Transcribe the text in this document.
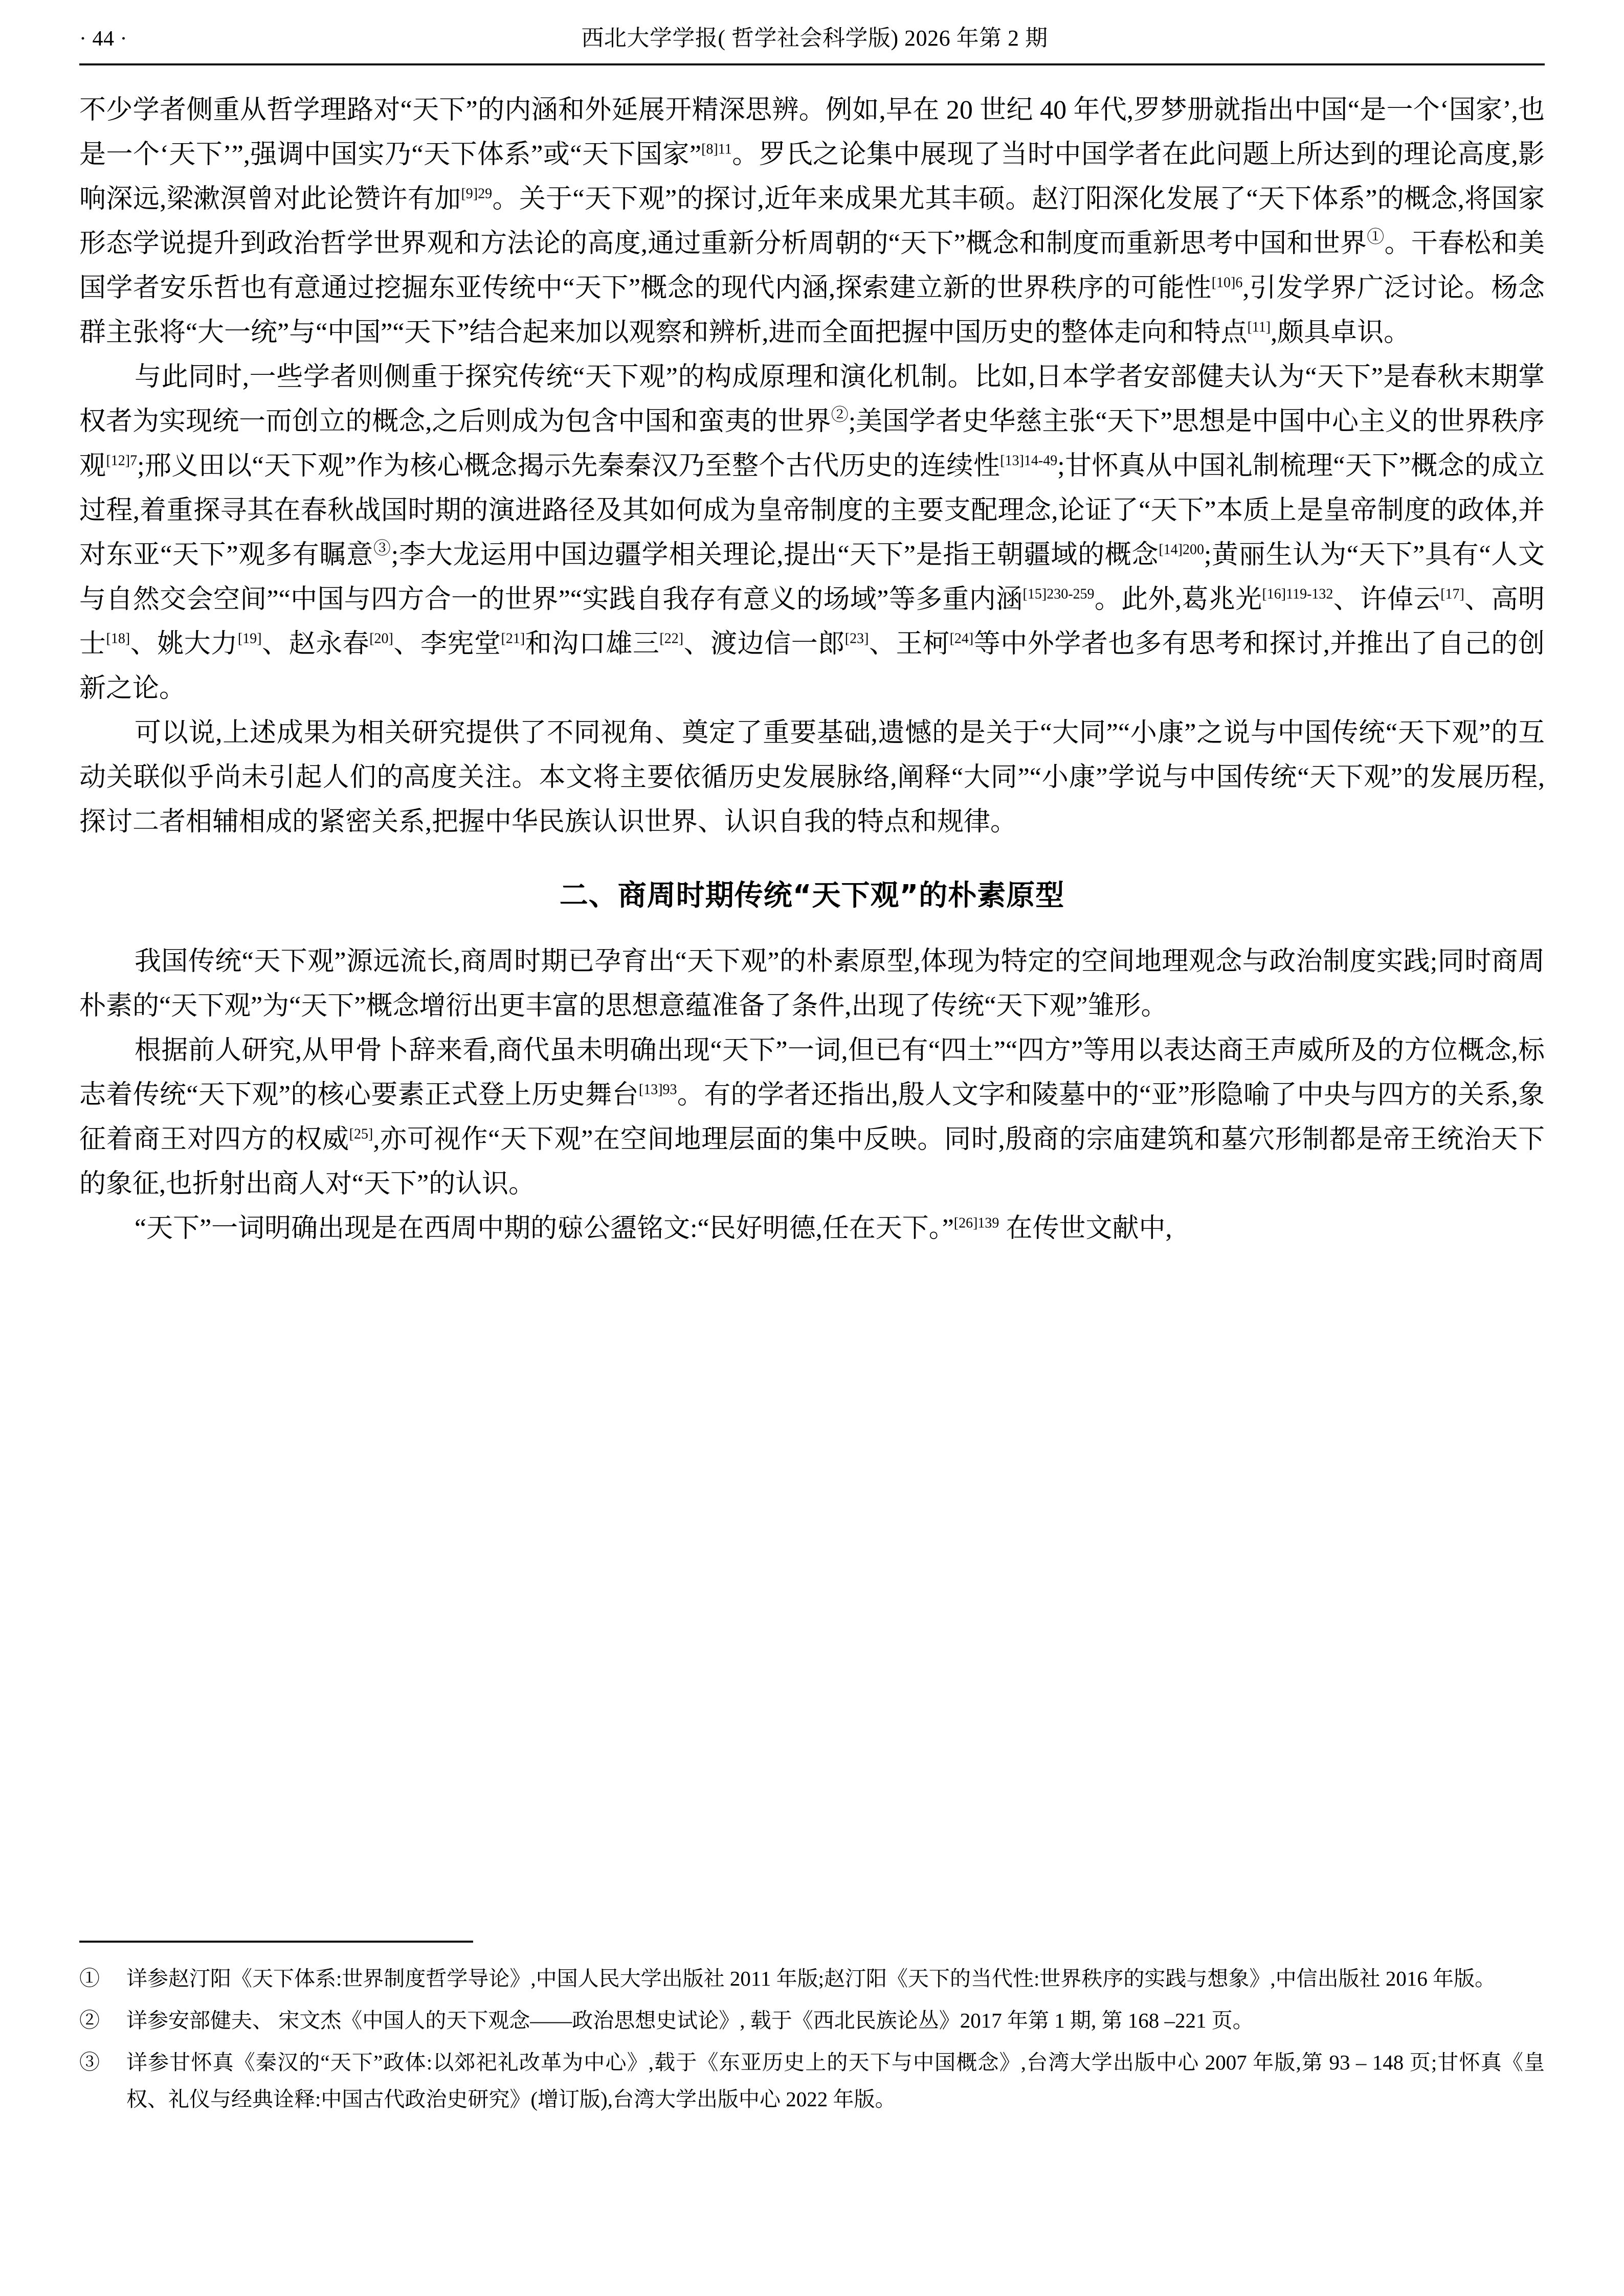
· 44 ·	西北大学学报( 哲学社会科学版) 2026 年第 2 期

不少学者侧重从哲学理路对“天下”的内涵和外延展开精深思辨。例如,早在 20 世纪 40 年代,罗梦册就指出中国“是一个‘国家’,也是一个‘天下’”,强调中国实乃“天下体系”或“天下国家”$^{[8]11}$。罗氏之论集中展现了当时中国学者在此问题上所达到的理论高度,影响深远,梁漱溟曾对此论赞许有加$^{[9]29}$。关于“天下观”的探讨,近年来成果尤其丰硕。赵汀阳深化发展了“天下体系”的概念,将国家形态学说提升到政治哲学世界观和方法论的高度,通过重新分析周朝的“天下”概念和制度而重新思考中国和世界①。干春松和美国学者安乐哲也有意通过挖掘东亚传统中“天下”概念的现代内涵,探索建立新的世界秩序的可能性$^{[10]6}$,引发学界广泛讨论。杨念群主张将“大一统”与“中国”“天下”结合起来加以观察和辨析,进而全面把握中国历史的整体走向和特点[11],颇具卓识。

与此同时,一些学者则侧重于探究传统“天下观”的构成原理和演化机制。比如,日本学者安部健夫认为“天下”是春秋末期掌权者为实现统一而创立的概念,之后则成为包含中国和蛮夷的世界②;美国学者史华慈主张“天下”思想是中国中心主义的世界秩序观$^{[12]7}$;邢义田以“天下观”作为核心概念揭示先秦秦汉乃至整个古代历史的连续性$^{[13]14-49}$;甘怀真从中国礼制梳理“天下”概念的成立过程,着重探寻其在春秋战国时期的演进路径及其如何成为皇帝制度的主要支配理念,论证了“天下”本质上是皇帝制度的政体,并对东亚“天下”观多有瞩意③;李大龙运用中国边疆学相关理论,提出“天下”是指王朝疆域的概念$^{[14]200}$;黄丽生认为“天下”具有“人文与自然交会空间”“中国与四方合一的世界”“实践自我存有意义的场域”等多重内涵$^{[15]230-259}$。此外,葛兆光$^{[16]119-132}$、许倬云[17]、高明士[18]、姚大力[19]、赵永春[20]、李宪堂[21]和沟口雄三[22]、渡边信一郎[23]、王柯[24]等中外学者也多有思考和探讨,并推出了自己的创新之论。

可以说,上述成果为相关研究提供了不同视角、奠定了重要基础,遗憾的是关于“大同”“小康”之说与中国传统“天下观”的互动关联似乎尚未引起人们的高度关注。本文将主要依循历史发展脉络,阐释“大同”“小康”学说与中国传统“天下观”的发展历程,探讨二者相辅相成的紧密关系,把握中华民族认识世界、认识自我的特点和规律。

二、商周时期传统“天下观”的朴素原型

我国传统“天下观”源远流长,商周时期已孕育出“天下观”的朴素原型,体现为特定的空间地理观念与政治制度实践;同时商周朴素的“天下观”为“天下”概念增衍出更丰富的思想意蕴准备了条件,出现了传统“天下观”雏形。

根据前人研究,从甲骨卜辞来看,商代虽未明确出现“天下”一词,但已有“四土”“四方”等用以表达商王声威所及的方位概念,标志着传统“天下观”的核心要素正式登上历史舞台$^{[13]93}$。有的学者还指出,殷人文字和陵墓中的“亚”形隐喻了中央与四方的关系,象征着商王对四方的权威[25],亦可视作“天下观”在空间地理层面的集中反映。同时,殷商的宗庙建筑和墓穴形制都是帝王统治天下的象征,也折射出商人对“天下”的认识。

“天下”一词明确出现是在西周中期的𣄴公盨铭文:“民好明德,任在天下。”$^{[26]139}$ 在传世文献中,

①	详参赵汀阳《天下体系:世界制度哲学导论》,中国人民大学出版社 2011 年版;赵汀阳《天下的当代性:世界秩序的实践与想象》,中信出版社 2016 年版。
②	详参安部健夫、 宋文杰《中国人的天下观念——政治思想史试论》, 载于《西北民族论丛》2017 年第 1 期, 第 168 –221 页。
③	详参甘怀真《秦汉的“天下”政体:以郊祀礼改革为中心》,载于《东亚历史上的天下与中国概念》,台湾大学出版中心 2007 年版,第 93 – 148 页;甘怀真《皇权、礼仪与经典诠释:中国古代政治史研究》(增订版),台湾大学出版中心 2022 年版。
